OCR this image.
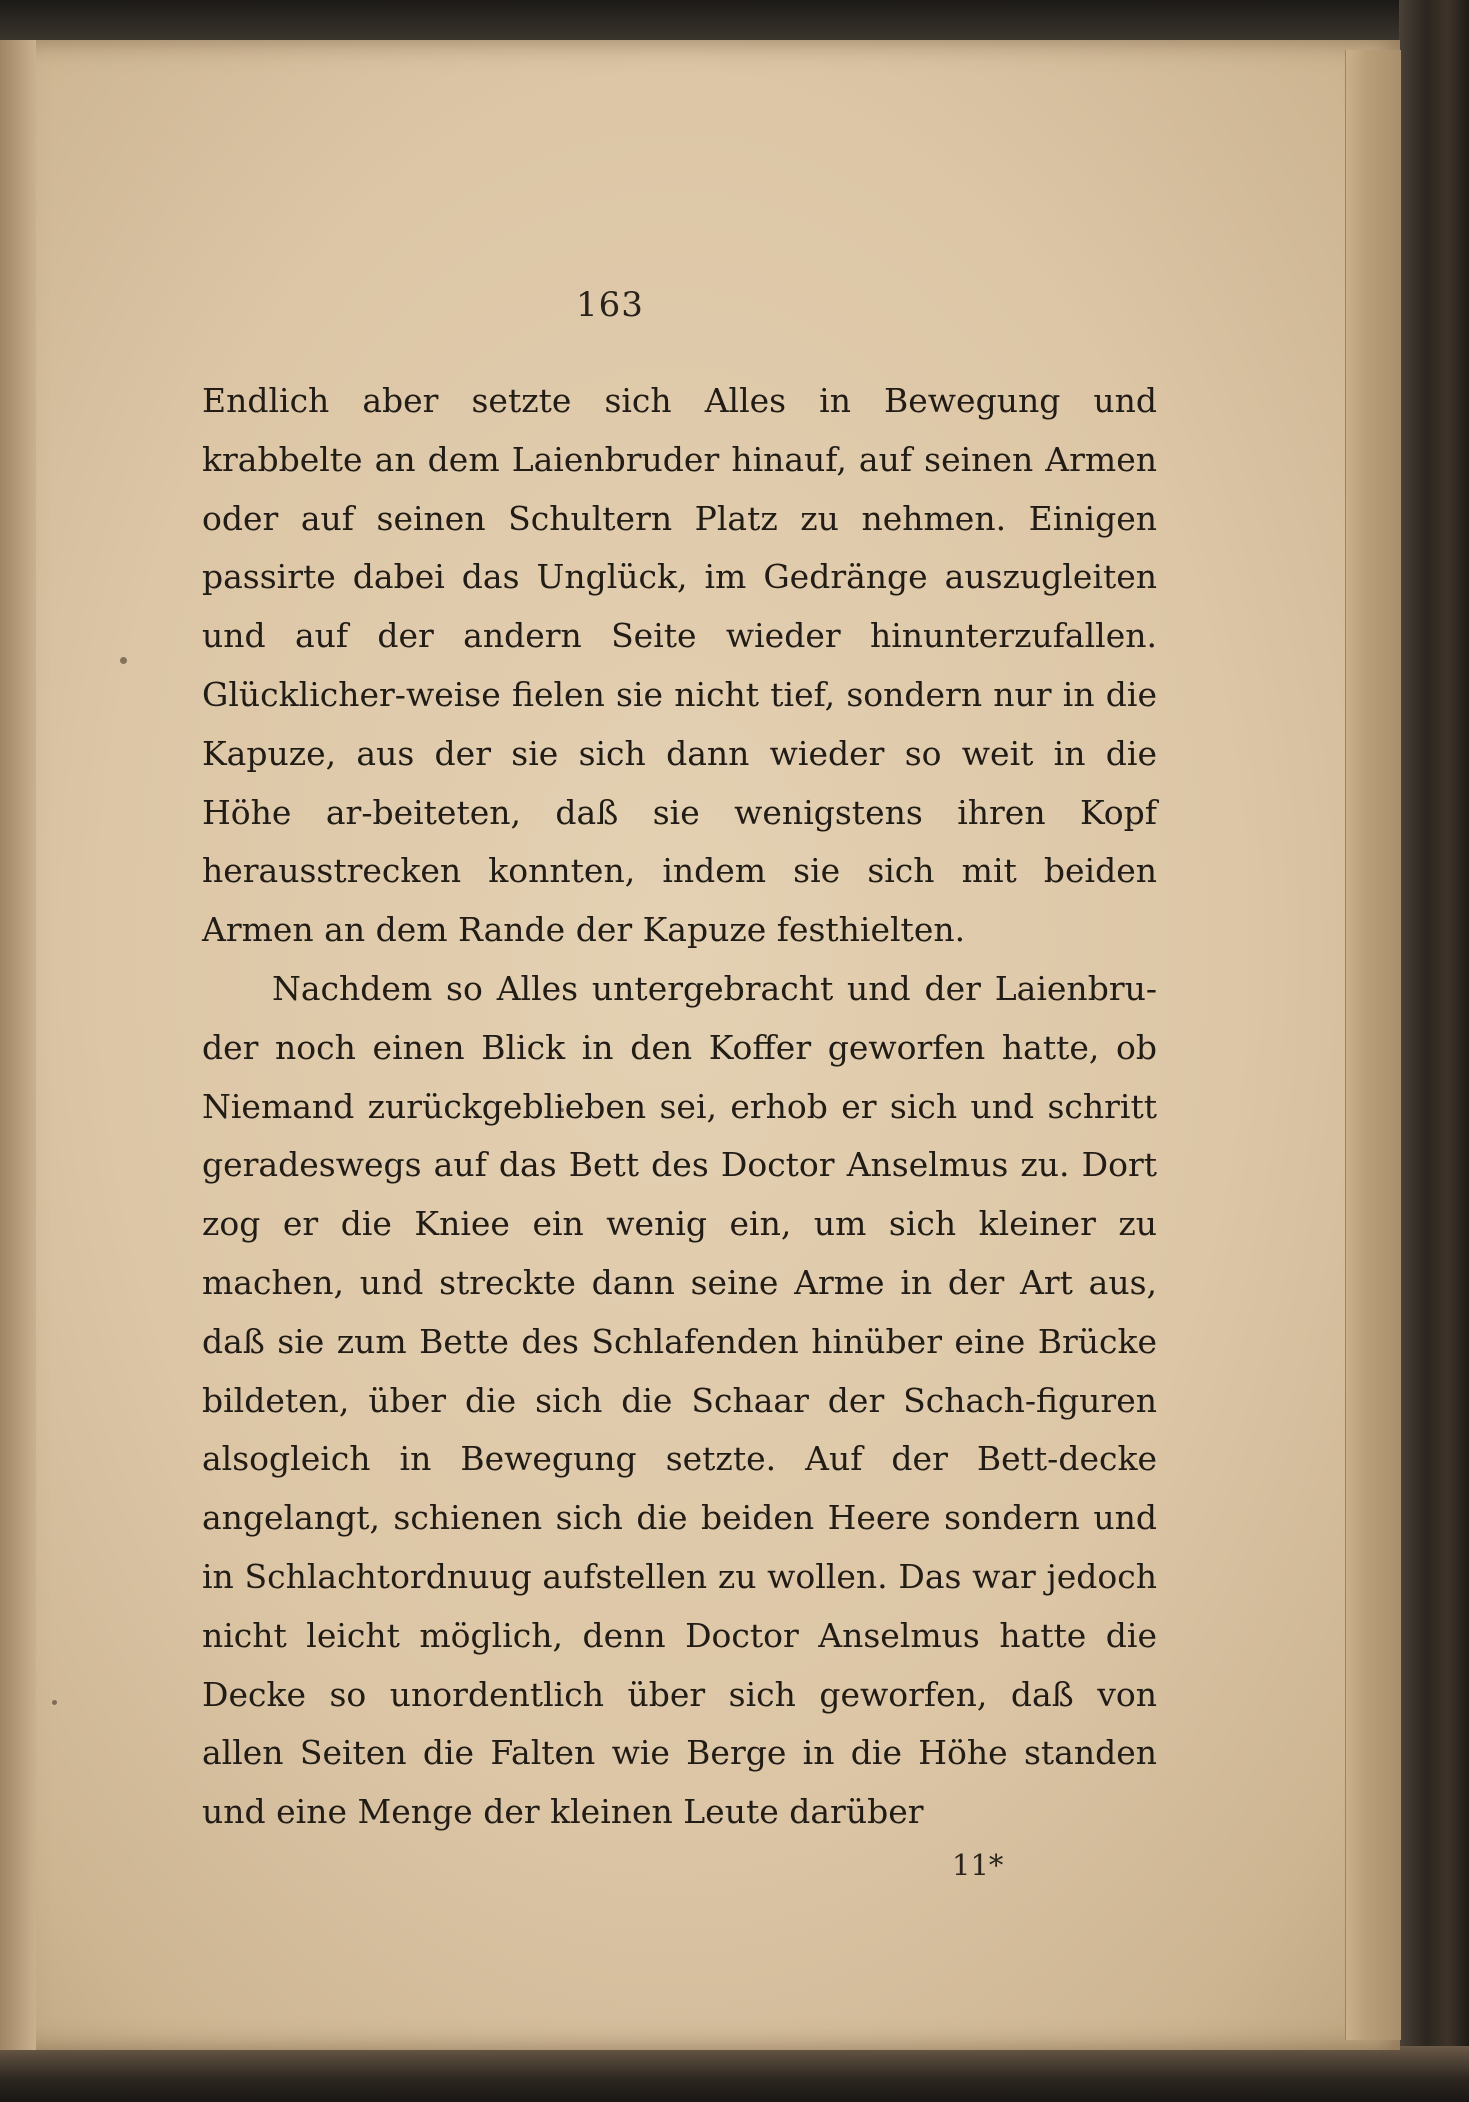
163

Endlich aber setzte sich Alles in Bewegung und krabbelte an dem Laienbruder hinauf, auf seinen Armen oder auf seinen Schultern Platz zu nehmen. Einigen passirte dabei das Unglück, im Gedränge auszugleiten und auf der andern Seite wieder hinunterzufallen. Glücklicher-weise fielen sie nicht tief, sondern nur in die Kapuze, aus der sie sich dann wieder so weit in die Höhe ar-beiteten, daß sie wenigstens ihren Kopf herausstrecken konnten, indem sie sich mit beiden Armen an dem Rande der Kapuze festhielten.

Nachdem so Alles untergebracht und der Laienbru-der noch einen Blick in den Koffer geworfen hatte, ob Niemand zurückgeblieben sei, erhob er sich und schritt geradeswegs auf das Bett des Doctor Anselmus zu. Dort zog er die Kniee ein wenig ein, um sich kleiner zu machen, und streckte dann seine Arme in der Art aus, daß sie zum Bette des Schlafenden hinüber eine Brücke bildeten, über die sich die Schaar der Schach-figuren alsogleich in Bewegung setzte. Auf der Bett-decke angelangt, schienen sich die beiden Heere sondern und in Schlachtordnuug aufstellen zu wollen. Das war jedoch nicht leicht möglich, denn Doctor Anselmus hatte die Decke so unordentlich über sich geworfen, daß von allen Seiten die Falten wie Berge in die Höhe standen und eine Menge der kleinen Leute darüber

11*
